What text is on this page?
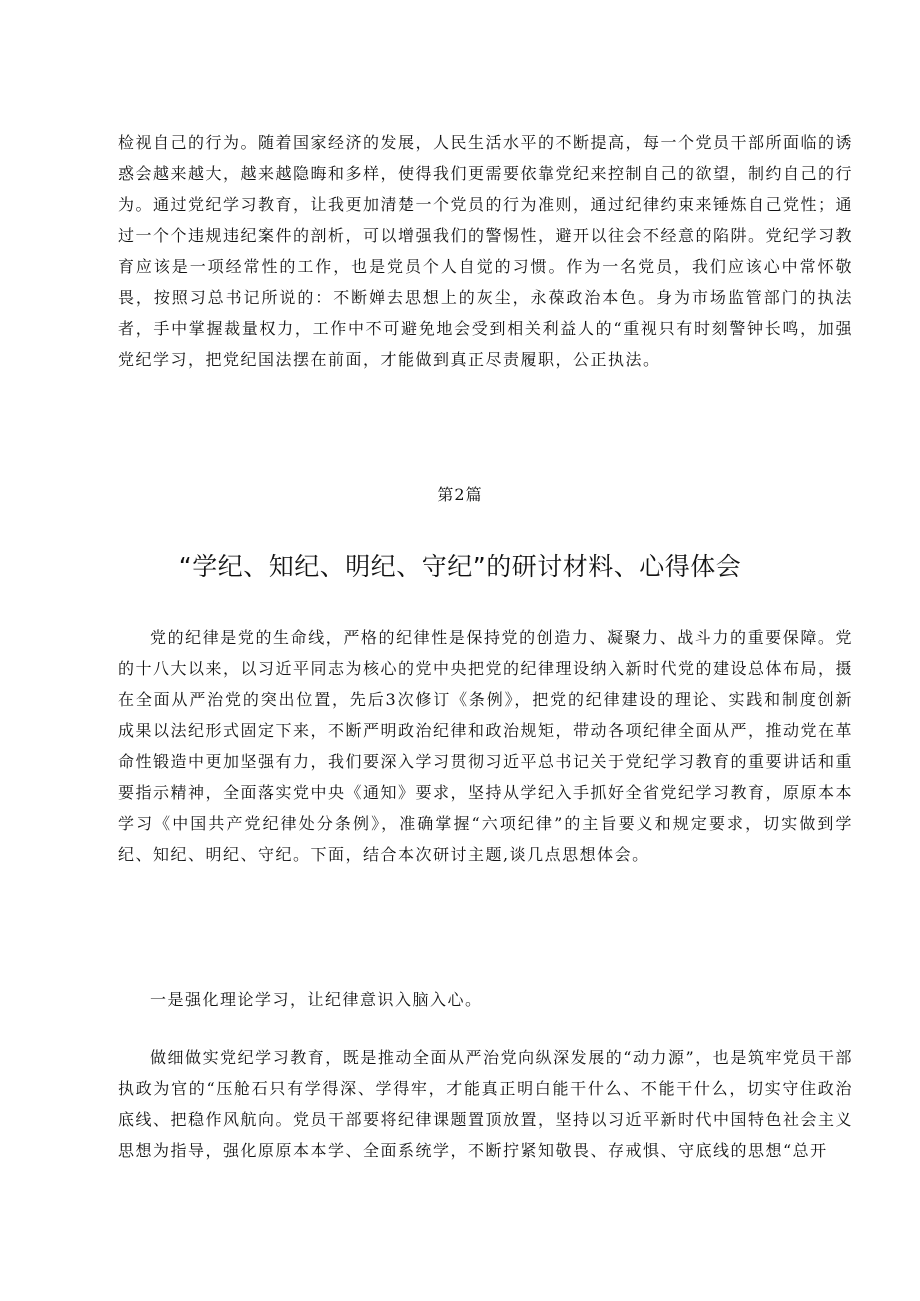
检视自己的行为。随着国家经济的发展，人民生活水平的不断提高，每一个党员干部所面临的诱惑会越来越大，越来越隐晦和多样，使得我们更需要依靠党纪来控制自己的欲望，制约自己的行为。通过党纪学习教育，让我更加清楚一个党员的行为准则，通过纪律约束来锤炼自己党性；通过一个个违规违纪案件的剖析，可以增强我们的警惕性，避开以往会不经意的陷阱。党纪学习教育应该是一项经常性的工作，也是党员个人自觉的习惯。作为一名党员，我们应该心中常怀敬畏，按照习总书记所说的：不断婵去思想上的灰尘，永葆政治本色。身为市场监管部门的执法者，手中掌握裁量权力，工作中不可避免地会受到相关利益人的“重视只有时刻警钟长鸣，加强党纪学习，把党纪国法摆在前面，才能做到真正尽责履职，公正执法。

第2篇

“学纪、知纪、明纪、守纪”的研讨材料、心得体会

党的纪律是党的生命线，严格的纪律性是保持党的创造力、凝聚力、战斗力的重要保障。党的十八大以来，以习近平同志为核心的党中央把党的纪律理设纳入新时代党的建设总体布局，摄在全面从严治党的突出位置，先后3次修订《条例》，把党的纪律建设的理论、实践和制度创新成果以法纪形式固定下来，不断严明政治纪律和政治规矩，带动各项纪律全面从严，推动党在革命性锻造中更加坚强有力，我们要深入学习贯彻习近平总书记关于党纪学习教育的重要讲话和重要指示精神，全面落实党中央《通知》要求，坚持从学纪入手抓好全省党纪学习教育，原原本本学习《中国共产党纪律处分条例》，准确掌握“六项纪律”的主旨要义和规定要求，切实做到学纪、知纪、明纪、守纪。下面，结合本次研讨主题,谈几点思想体会。

一是强化理论学习，让纪律意识入脑入心。

做细做实党纪学习教育，既是推动全面从严治党向纵深发展的“动力源”，也是筑牢党员干部执政为官的“压舱石只有学得深、学得牢，才能真正明白能干什么、不能干什么，切实守住政治底线、把稳作风航向。党员干部要将纪律课题置顶放置，坚持以习近平新时代中国特色社会主义思想为指导，强化原原本本学、全面系统学，不断拧紧知敬畏、存戒惧、守底线的思想“总开
